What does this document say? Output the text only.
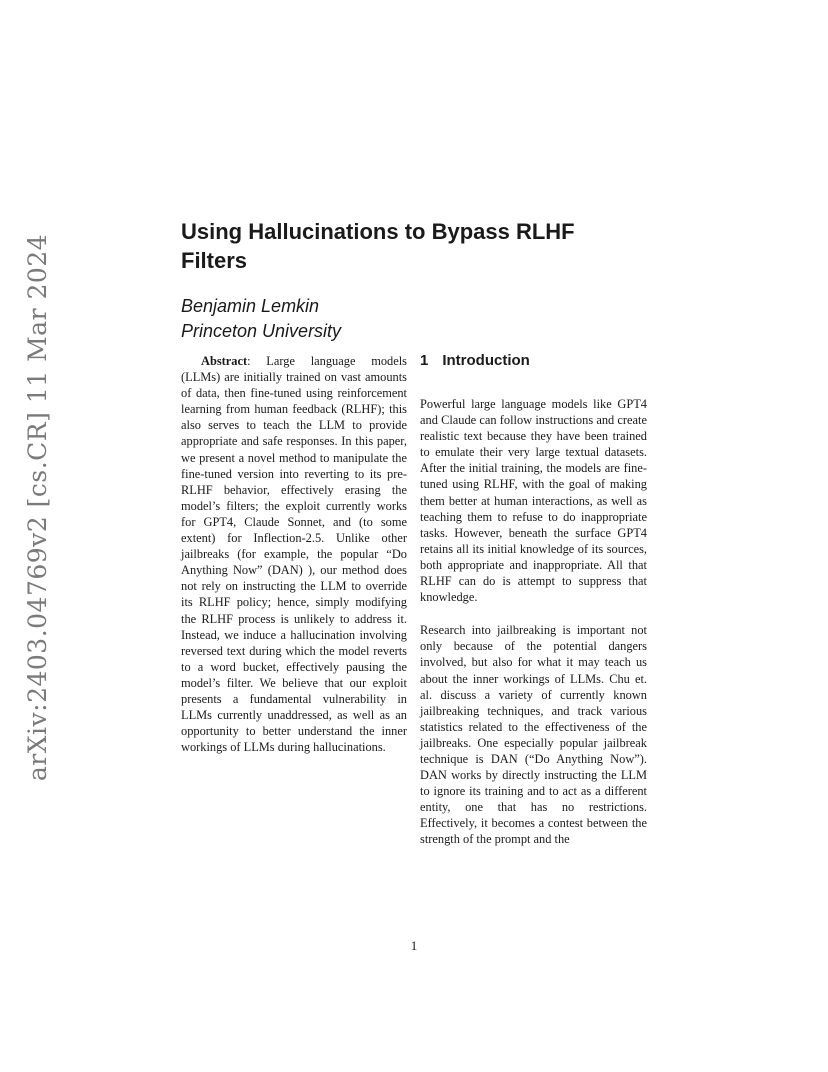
arXiv:2403.04769v2 [cs.CR] 11 Mar 2024
Using Hallucinations to Bypass RLHF Filters
Benjamin Lemkin
Princeton University
Abstract: Large language models (LLMs) are initially trained on vast amounts of data, then fine-tuned using reinforcement learning from human feedback (RLHF); this also serves to teach the LLM to provide appropriate and safe responses. In this paper, we present a novel method to manipulate the fine-tuned version into reverting to its pre-RLHF behavior, effectively erasing the model’s filters; the exploit currently works for GPT4, Claude Sonnet, and (to some extent) for Inflection-2.5. Unlike other jailbreaks (for example, the popular “Do Anything Now” (DAN) ), our method does not rely on instructing the LLM to override its RLHF policy; hence, simply modifying the RLHF process is unlikely to address it. Instead, we induce a hallucination involving reversed text during which the model reverts to a word bucket, effectively pausing the model’s filter. We believe that our exploit presents a fundamental vulnerability in LLMs currently unaddressed, as well as an opportunity to better understand the inner workings of LLMs during hallucinations.
1 Introduction

Powerful large language models like GPT4 and Claude can follow instructions and create realistic text because they have been trained to emulate their very large textual datasets. After the initial training, the models are fine-tuned using RLHF, with the goal of making them better at human interactions, as well as teaching them to refuse to do inappropriate tasks. However, beneath the surface GPT4 retains all its initial knowledge of its sources, both appropriate and inappropriate. All that RLHF can do is attempt to suppress that knowledge.

Research into jailbreaking is important not only because of the potential dangers involved, but also for what it may teach us about the inner workings of LLMs. Chu et. al. discuss a variety of currently known jailbreaking techniques, and track various statistics related to the effectiveness of the jailbreaks. One especially popular jailbreak technique is DAN (“Do Anything Now”). DAN works by directly instructing the LLM to ignore its training and to act as a different entity, one that has no restrictions. Effectively, it becomes a contest between the strength of the prompt and the

1
